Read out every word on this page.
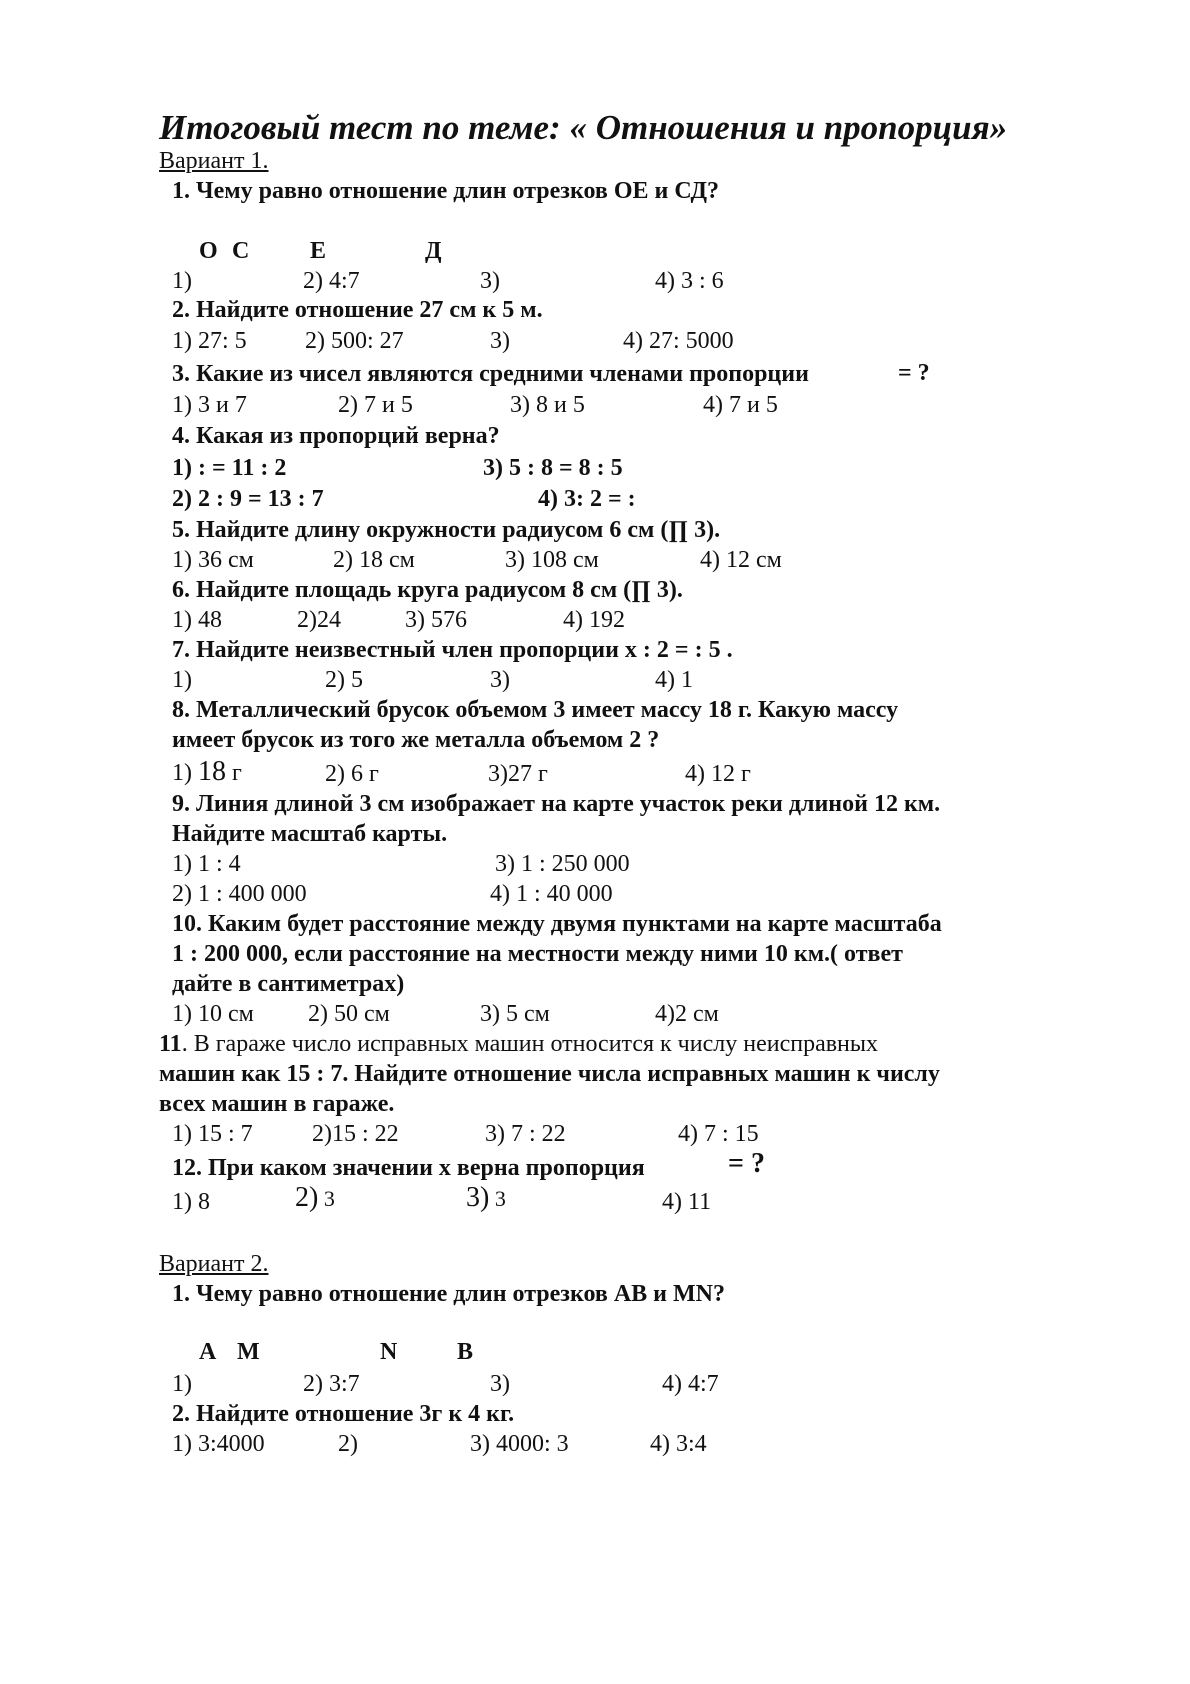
Итоговый тест по теме: « Отношения и пропорция»
Вариант 1.
1. Чему равно отношение длин отрезков ОЕ и СД?
О С	Е	Д
1)	2) 4:7	3)	4) 3 : 6
2. Найдите отношение 27 см к 5 м.
1) 27: 5 2) 500: 27	3)	4) 27: 5000
3. Какие из чисел являются средними членами пропорции	= ?
1) 3 и 7	2) 7 и 5	3) 8 и 5	4) 7 и 5
4. Какая из пропорций верна?
1) : = 11 : 2	3) 5 : 8 = 8 : 5
2) 2 : 9 = 13 : 7	4) 3: 2 = :
5. Найдите длину окружности радиусом 6 см (∏ 3).
1) 36 см	2) 18 см	3) 108 см	4) 12 см
6. Найдите площадь круга радиусом 8 см (∏ 3).
1) 48	2)24	3) 576	4) 192
7. Найдите неизвестный член пропорции х : 2 = : 5 .
1)	2) 5	3)	4) 1
8. Металлический брусок объемом 3 имеет массу 18 г. Какую массу
имеет брусок из того же металла объемом 2 ?
1) 18 г	2) 6 г	3)27 г	4) 12 г
9. Линия длиной 3 см изображает на карте участок реки длиной 12 км.
Найдите масштаб карты.
1) 1 : 4	3) 1 : 250 000
2) 1 : 400 000	4) 1 : 40 000
10. Каким будет расстояние между двумя пунктами на карте масштаба
1 : 200 000, если расстояние на местности между ними 10 км.( ответ
дайте в сантиметрах)
1) 10 см 2) 50 см	3) 5 см	4)2 см
11. В гараже число исправных машин относится к числу неисправных
машин как 15 : 7. Найдите отношение числа исправных машин к числу
всех машин в гараже.
1) 15 : 7 2)15 : 22	3) 7 : 22	4) 7 : 15
12. При каком значении х верна пропорция	= ?
1) 8	2) 3	3) 3	4) 11
Вариант 2.
1. Чему равно отношение длин отрезков АВ и МN?
А М	N В
1)	2) 3:7	3)	4) 4:7
2. Найдите отношение 3г к 4 кг.
1) 3:4000	2)	3) 4000: 3	4) 3:4
